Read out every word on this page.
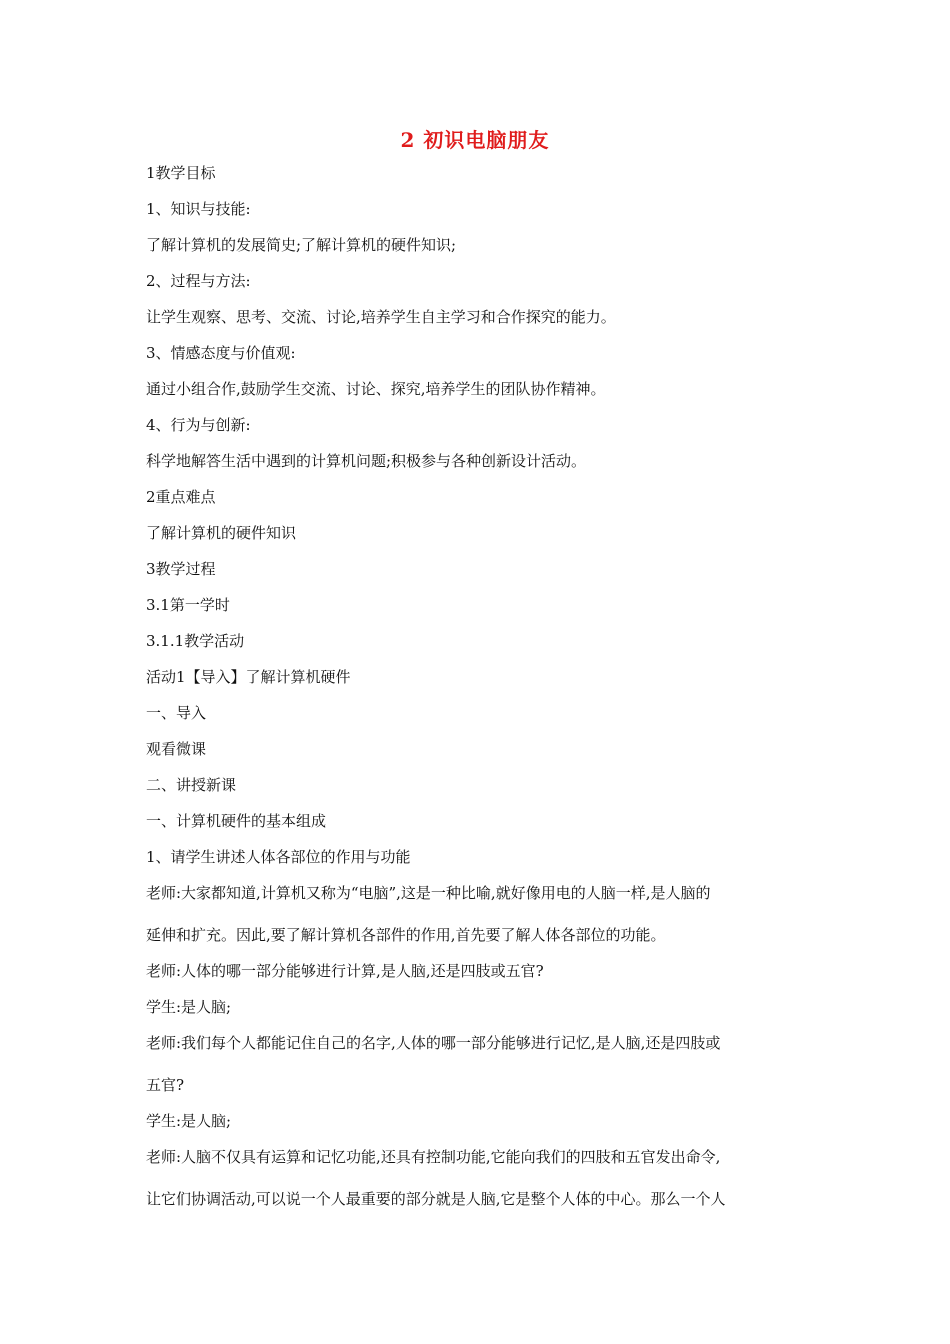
2 初识电脑朋友
1教学目标
1、知识与技能:
了解计算机的发展简史;了解计算机的硬件知识;
2、过程与方法:
让学生观察、思考、交流、讨论,培养学生自主学习和合作探究的能力。
3、情感态度与价值观:
通过小组合作,鼓励学生交流、讨论、探究,培养学生的团队协作精神。
4、行为与创新:
科学地解答生活中遇到的计算机问题;积极参与各种创新设计活动。
2重点难点
了解计算机的硬件知识
3教学过程
3.1第一学时
3.1.1教学活动
活动1【导入】了解计算机硬件
一、导入
观看微课
二、讲授新课
一、计算机硬件的基本组成
1、请学生讲述人体各部位的作用与功能
老师:大家都知道,计算机又称为“电脑”,这是一种比喻,就好像用电的人脑一样,是人脑的
延伸和扩充。因此,要了解计算机各部件的作用,首先要了解人体各部位的功能。
老师:人体的哪一部分能够进行计算,是人脑,还是四肢或五官?
学生:是人脑;
老师:我们每个人都能记住自己的名字,人体的哪一部分能够进行记忆,是人脑,还是四肢或
五官?
学生:是人脑;
老师:人脑不仅具有运算和记忆功能,还具有控制功能,它能向我们的四肢和五官发出命令,
让它们协调活动,可以说一个人最重要的部分就是人脑,它是整个人体的中心。那么一个人
